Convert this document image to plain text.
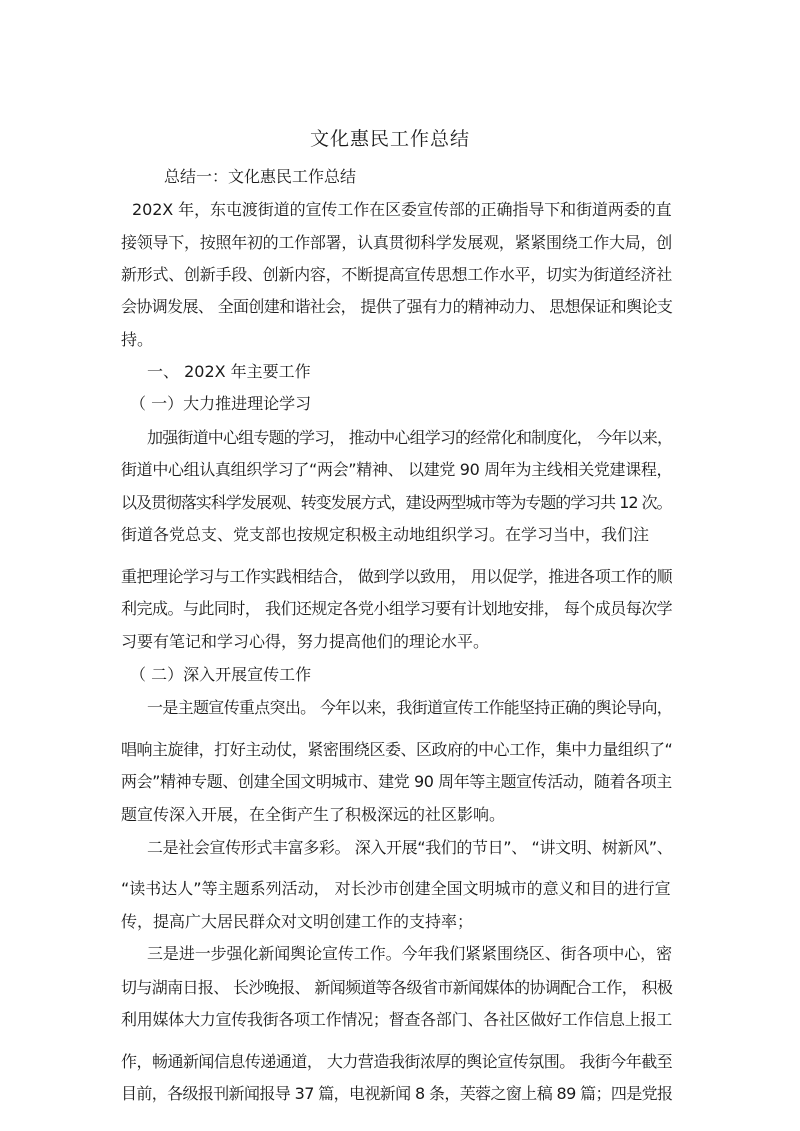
文化惠民工作总结
总结一：文化惠民工作总结
202X 年，东屯渡街道的宣传工作在区委宣传部的正确指导下和街道两委的直
接领导下，按照年初的工作部署，认真贯彻科学发展观，紧紧围绕工作大局，创
新形式、创新手段、创新内容，不断提高宣传思想工作水平，切实为街道经济社
会协调发展、 全面创建和谐社会， 提供了强有力的精神动力、 思想保证和舆论支
持。
一、 202X 年主要工作
（ 一）大力推进理论学习
加强街道中心组专题的学习， 推动中心组学习的经常化和制度化， 今年以来，
街道中心组认真组织学习了“两会”精神、 以建党 90 周年为主线相关党建课程，
以及贯彻落实科学发展观、转变发展方式，建设两型城市等为专题的学习共 12 次。
街道各党总支、党支部也按规定积极主动地组织学习。在学习当中，我们注
重把理论学习与工作实践相结合， 做到学以致用， 用以促学，推进各项工作的顺
利完成。与此同时， 我们还规定各党小组学习要有计划地安排， 每个成员每次学
习要有笔记和学习心得，努力提高他们的理论水平。
（ 二）深入开展宣传工作
一是主题宣传重点突出。 今年以来，我街道宣传工作能坚持正确的舆论导向，
唱响主旋律，打好主动仗，紧密围绕区委、区政府的中心工作，集中力量组织了“
两会”精神专题、创建全国文明城市、建党 90 周年等主题宣传活动，随着各项主
题宣传深入开展，在全街产生了积极深远的社区影响。
二是社会宣传形式丰富多彩。 深入开展“我们的节日”、 “讲文明、树新风”、
“读书达人”等主题系列活动， 对长沙市创建全国文明城市的意义和目的进行宣
传，提高广大居民群众对文明创建工作的支持率；
三是进一步强化新闻舆论宣传工作。今年我们紧紧围绕区、街各项中心，密
切与湖南日报、 长沙晚报、 新闻频道等各级省市新闻媒体的协调配合工作， 积极
利用媒体大力宣传我街各项工作情况；督查各部门、各社区做好工作信息上报工
作，畅通新闻信息传递通道， 大力营造我街浓厚的舆论宣传氛围。 我街今年截至
目前，各级报刊新闻报导 37 篇，电视新闻 8 条，芙蓉之窗上稿 89 篇；四是党报
